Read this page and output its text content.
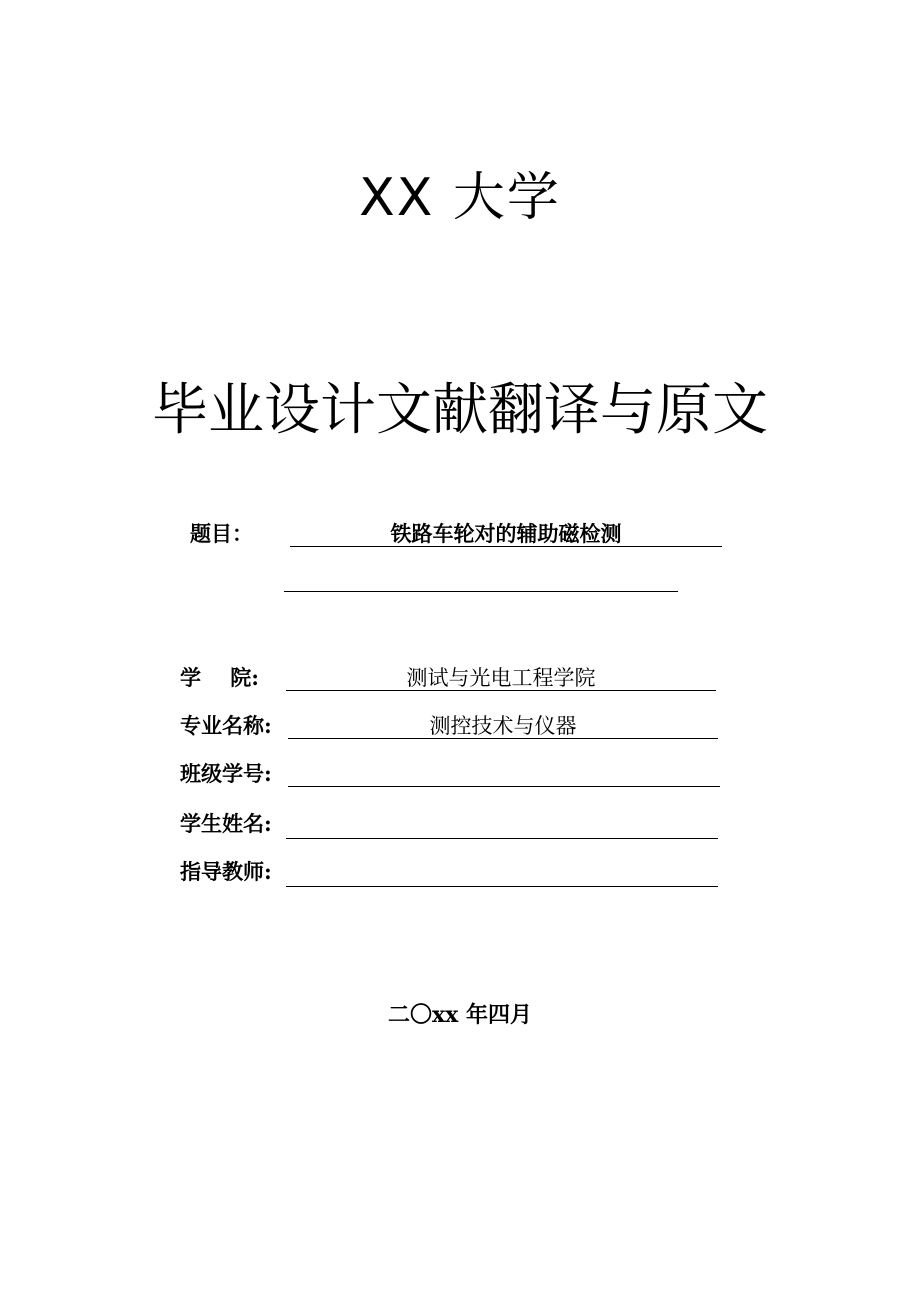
XX 大学
毕业设计文献翻译与原文
题目：	铁路车轮对的辅助磁检测
学    院:	测试与光电工程学院
专业名称:	测控技术与仪器
班级学号:
学生姓名:
指导教师:
二〇xx 年四月
